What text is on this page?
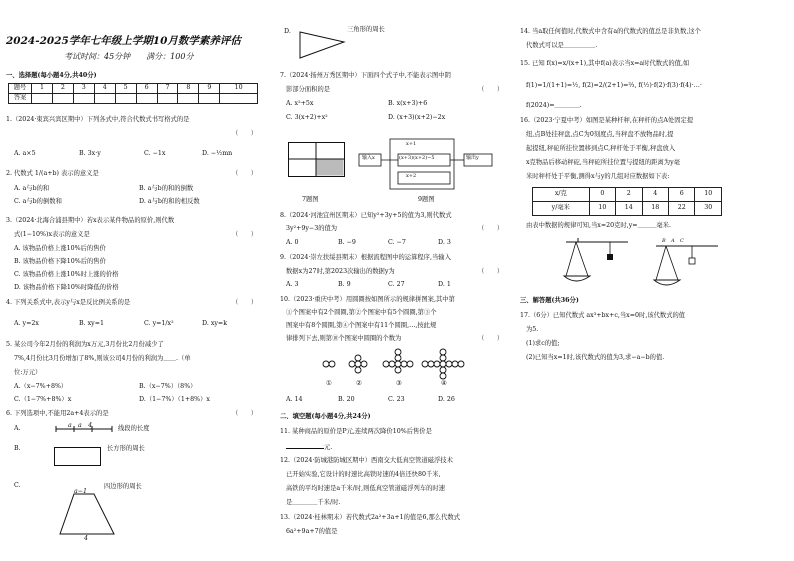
2024-2025学年七年级上学期10月数学素养评估
考试时间：45分钟　　满分：100分
一、选择题(每小题4分,共40分)
题号	1	2	3	4	5	6	7	8	9	10
答案										
1.（2024·東宾兴宾区期中）下列各式中,符合代数式书写格式的是
（　　）
A. a×5	B. 3x·y	C. −1x	D. −½mn
2. 代数式 1/(a+b) 表示的意义是	（　　）
A. a与b的和	B. a与b的和的倒数
C. a与b的倒数和	D. a与b的和的相反数
3.（2024·北海合浦县期中）若x表示某件物品的原价,则代数
式(1−10%)x表示的意义是	（　　）
A. 该物品价格上涨10%后的售价
B. 该物品价格下降10%后的售价
C. 该物品价格上涨10%时上涨的价格
D. 该物品价格下降10%时降低的价格
4. 下列关系式中,表示y与x是反比例关系的是	（　　）
A. y=2x	B. xy=1	C. y=1/x²	D. xy=k
5. 某公司今年2月份的利润为x万元,3月份比2月份减少了
7%,4月份比3月份增加了8%,则该公司4月份的利润为＿＿.（单
位:万元）
A.（x−7%+8%）	B.（x−7%）（8%）
C.（1−7%+8%）x	D.（1−7%）（1+8%）x
6. 下列选项中,不能用2a+4表示的是	（　　）
A.	a　a　4	线段的长度
B.	长方形的周长
C.
a−1
4
四边形的周长
D.	三角形的周长
7.（2024·扬州万秀区期中）下面四个式子中,不能表示图中阴
影部分面积的是	（　　）
A. x²+5x	B. x(x+3)+6
C. 3(x+2)+x²	D. (x+3)(x+2)−2x
7题图
输入x
x+1
(x+3)(x+2)−5
x+2
输出y
9题图
8.（2024·河池宜州区期末）已知y²+3y+5的值为3,则代数式
3y²+9y−3的值为	（　　）
A. 0	B. −9	C. −7	D. 3
9.（2024·崇左扶绥县期末）根据流程图中的运算程序,当输入
数据x为27时,第2023次输出的数据y为	（　　）
A. 3	B. 9	C. 27	D. 1
10.（2023·重庆中考）用圆圈按如图所示的规律拼图案,其中第
①个图案中有2个圆圈,第②个图案中有5个圆圈,第③个
图案中有8个圆圈,第④个图案中有11个圆圈,…,按此规
律排列下去,则第⑩个图案中圆圈的个数为	（　　）
①	②	③	④
A. 14	B. 20	C. 23	D. 26
二、填空题(每小题4分,共24分)
11. 某种商品的原价是P元,连续两次降价10%后售价是
元.
12.（2024·防城港防城区期中）西南交大低真空管道磁浮技术
已开始实验,它设计的时速比高铁时速的4倍还快80千米,
高铁的平均时速是a千米/时,则低真空管道磁浮列车的时速
是＿＿＿＿千米/时.
13.（2024·桂林期末）若代数式2a²+3a+1的值是6,那么代数式
6a²+9a+7的值是
14. 当a取任何值时,代数式中含有a的代数式的值总是非负数,这个
代数式可以是＿＿＿＿＿.
15. 已知 f(x)=x/(x+1),其中f(a)表示当x=a时代数式的值,如
f(1)=1/(1+1)=½, f(2)=2/(2+1)=⅔, f(½)·f(2)·f(3)·f(4)·…·
f(2024)=＿＿＿＿.
16.（2023·宁夏中考）如图是某种杆秤,在秤杆的点A处固定提
纽,点B处挂秤盘,点C为0刻度点,当秤盘不放物品时,提
起提纽,秤砣所挂位置移到点C,秤杆处于平衡,秤盘放入
x克物品后移动秤砣,当秤砣所挂位置与提纽的距离为y毫
米时秤杆处于平衡,测得x与y的几组对应数据如下表:
x/克	0	2	4	6	10
y/毫米	10	14	18	22	30
由表中数据的规律可知,当x=20克时,y=＿＿＿毫米.
B A C
三、解答题(共36分)
17.（6分）已知代数式 ax³+bx+c,当x=0时,该代数式的值
为5.
(1)求c的值;
(2)已知当x=1时,该代数式的值为3,求−a−b的值.
